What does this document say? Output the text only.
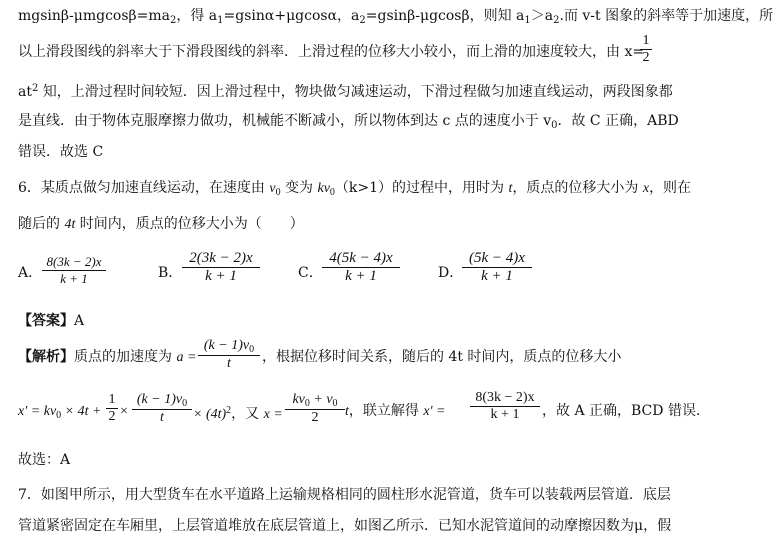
mgsinβ-$\mu mgcos\beta=ma_2$，得 $a_1=gsin\alpha+\mu gcos\alpha$，$a_2=gsin\beta$-μgcosβ，则知 $a_1>a_2$.而 v-t 图象的斜率等于加速度，所
以上滑段图线的斜率大于下滑段图线的斜率．上滑过程的位移大小较小，而上滑的加速度较大，由 x=
1
2
$at^2$ 知，上滑过程时间较短．因上滑过程中，物块做匀减速运动，下滑过程做匀加速直线运动，两段图象都
是直线．由于物体克服摩擦力做功，机械能不断减小，所以物体到达 c 点的速度小于 $v_0$．故 C 正确，ABD
错误．故选 C
6．某质点做匀加速直线运动，在速度由 $v_0$ 变为 $kv_0(k>1)$的过程中，用时为 t，质点的位移大小为 x，则在
随后的 4t 时间内，质点的位移大小为（　　）
A．
8(3k − 2)x
k + 1	B．
2(3k − 2)x
k + 1	C．
4(5k − 4)x
k + 1	D．
(5k − 4)x
k + 1
【答案】A
【解析】质点的加速度为 a =
$(k - 1)v_0$
t	，根据位移时间关系，随后的 4t 时间内，质点的位移大小
$x' = kv_0 \times 4t$ +
1
2 ×
$(k - 1)v_0$
t	× $(4t)^2$，又 x =
$kv_0 + v_0$
2	t，联立解得 x′ =
8(3k − 2)x
k + 1	，故 A 正确，BCD 错误．
故选：A
7．如图甲所示，用大型货车在水平道路上运输规格相同的圆柱形水泥管道，货车可以装载两层管道．底层
管道紧密固定在车厢里，上层管道堆放在底层管道上，如图乙所示．已知水泥管道间的动摩擦因数为μ，假
